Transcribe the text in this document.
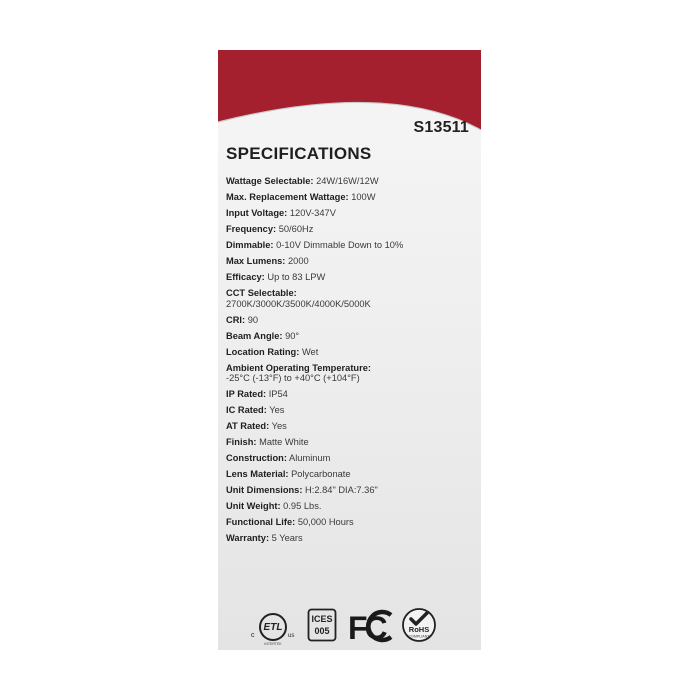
S13511
SPECIFICATIONS
Wattage Selectable: 24W/16W/12W
Max. Replacement Wattage: 100W
Input Voltage: 120V-347V
Frequency: 50/60Hz
Dimmable: 0-10V Dimmable Down to 10%
Max Lumens: 2000
Efficacy: Up to 83 LPW
CCT Selectable:
2700K/3000K/3500K/4000K/5000K
CRI: 90
Beam Angle: 90°
Location Rating: Wet
Ambient Operating Temperature:
-25°C (-13°F) to +40°C (+104°F)
IP Rated: IP54
IC Rated: Yes
AT Rated: Yes
Finish: Matte White
Construction: Aluminum
Lens Material: Polycarbonate
Unit Dimensions: H:2.84" DIA:7.36"
Unit Weight: 0.95 Lbs.
Functional Life: 50,000 Hours
Warranty: 5 Years
c
ETL
us
INTERTEK
ICES
005 FC	RoHS
COMPLIANT
